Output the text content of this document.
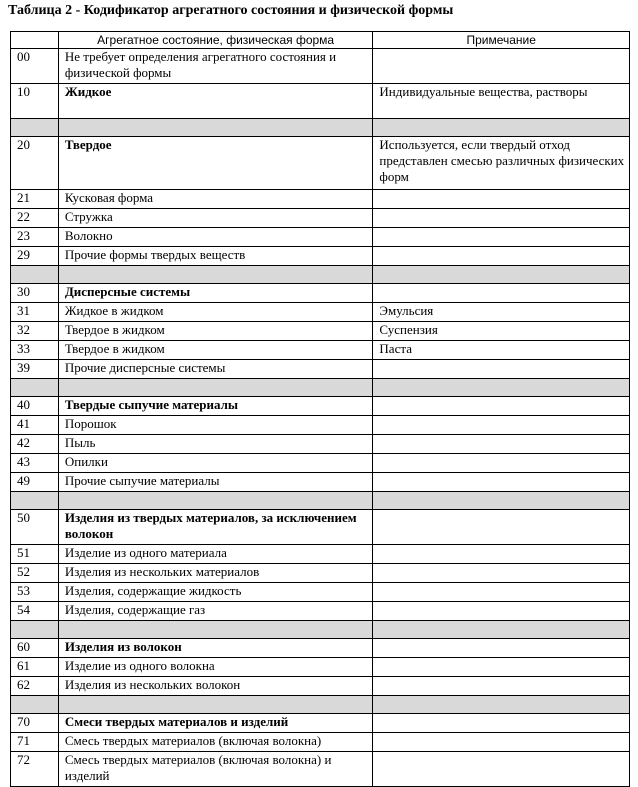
Таблица 2 - Кодификатор агрегатного состояния и физической формы
	Агрегатное состояние, физическая форма	Примечание
00	Не требует определения агрегатного состояния и физической формы	
10	Жидкое	Индивидуальные вещества, растворы

20	Твердое	Используется, если твердый отход представлен смесью различных физических форм
21	Кусковая форма	
22	Стружка	
23	Волокно	
29	Прочие формы твердых веществ	

30	Дисперсные системы	
31	Жидкое в жидком	Эмульсия
32	Твердое в жидком	Суспензия
33	Твердое в жидком	Паста
39	Прочие дисперсные системы	

40	Твердые сыпучие материалы	
41	Порошок	
42	Пыль	
43	Опилки	
49	Прочие сыпучие материалы	

50	Изделия из твердых материалов, за исключением волокон	
51	Изделие из одного материала	
52	Изделия из нескольких материалов	
53	Изделия, содержащие жидкость	
54	Изделия, содержащие газ	

60	Изделия из волокон	
61	Изделие из одного волокна	
62	Изделия из нескольких волокон	

70	Смеси твердых материалов и изделий	
71	Смесь твердых материалов (включая волокна)	
72	Смесь твердых материалов (включая волокна) и изделий	
